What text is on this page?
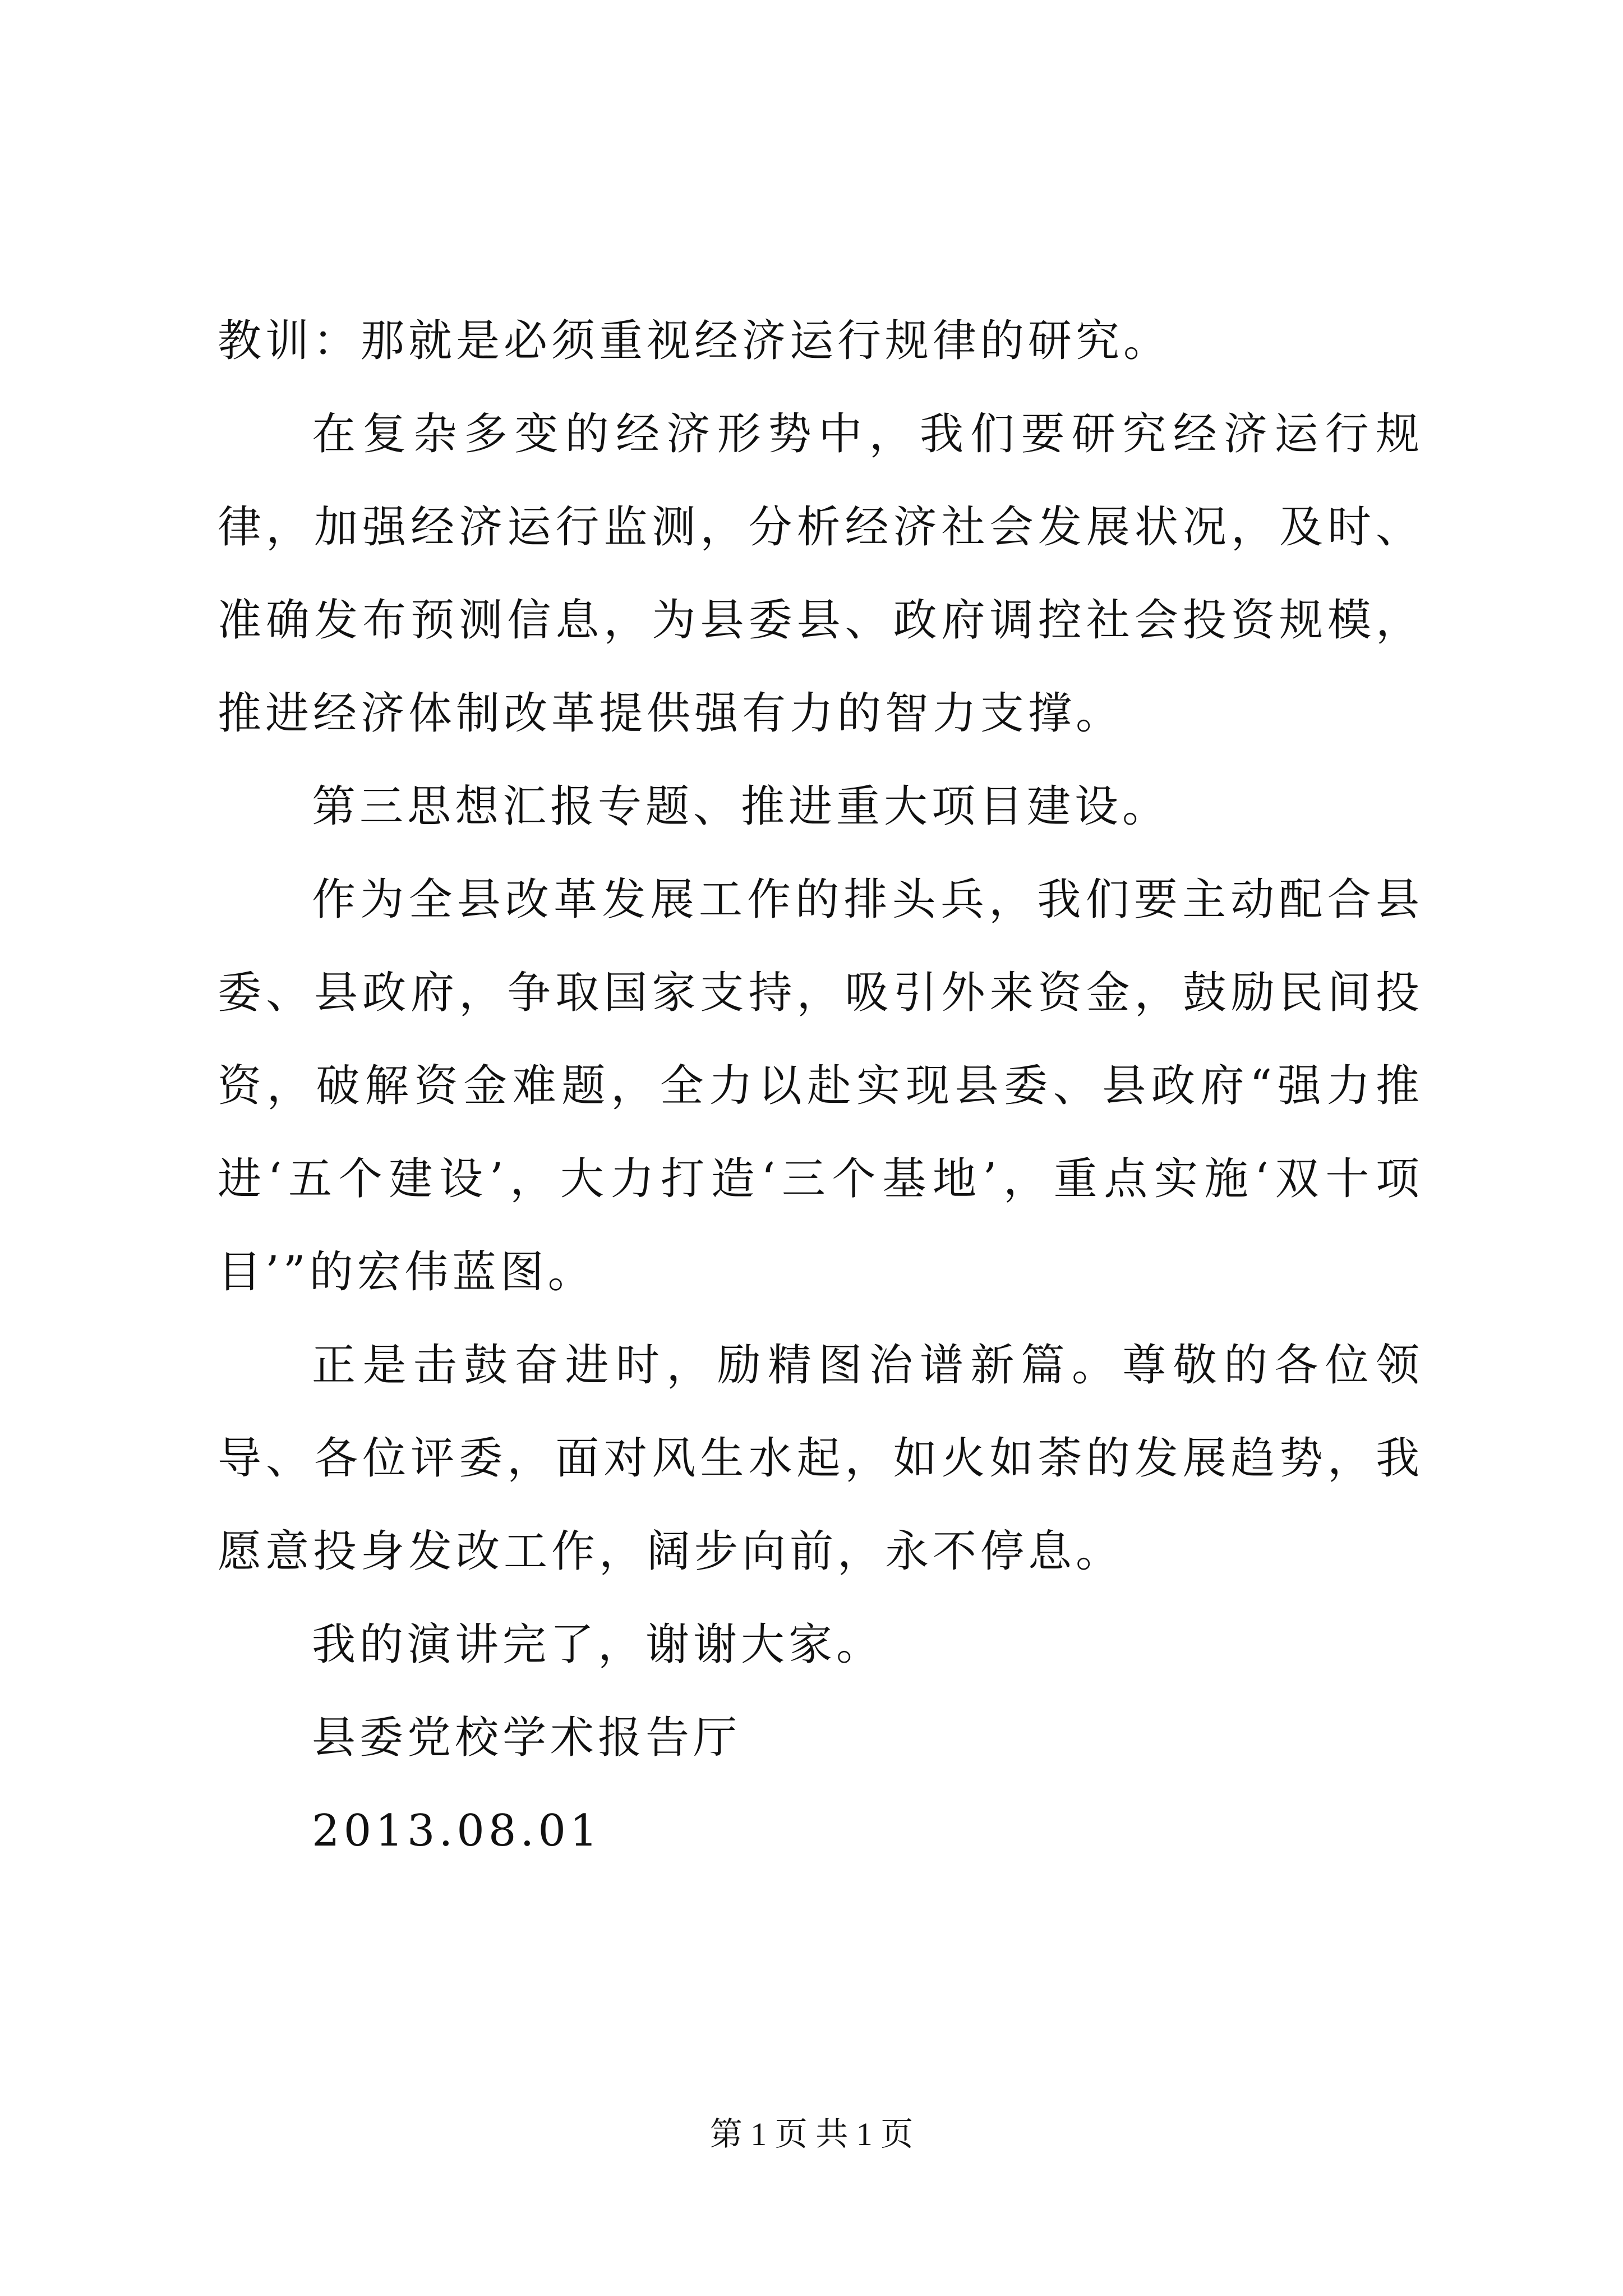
教训：那就是必须重视经济运行规律的研究。

在复杂多变的经济形势中，我们要研究经济运行规律，加强经济运行监测，分析经济社会发展状况，及时、准确发布预测信息，为县委县、政府调控社会投资规模，推进经济体制改革提供强有力的智力支撑。

第三思想汇报专题、推进重大项目建设。

作为全县改革发展工作的排头兵，我们要主动配合县委、县政府，争取国家支持，吸引外来资金，鼓励民间投资，破解资金难题，全力以赴实现县委、县政府“强力推进‘五个建设’，大力打造‘三个基地’，重点实施‘双十项目’”的宏伟蓝图。

正是击鼓奋进时，励精图治谱新篇。尊敬的各位领导、各位评委，面对风生水起，如火如荼的发展趋势，我愿意投身发改工作，阔步向前，永不停息。

我的演讲完了，谢谢大家。

县委党校学术报告厅

2013.08.01

第 1 页 共 1 页
